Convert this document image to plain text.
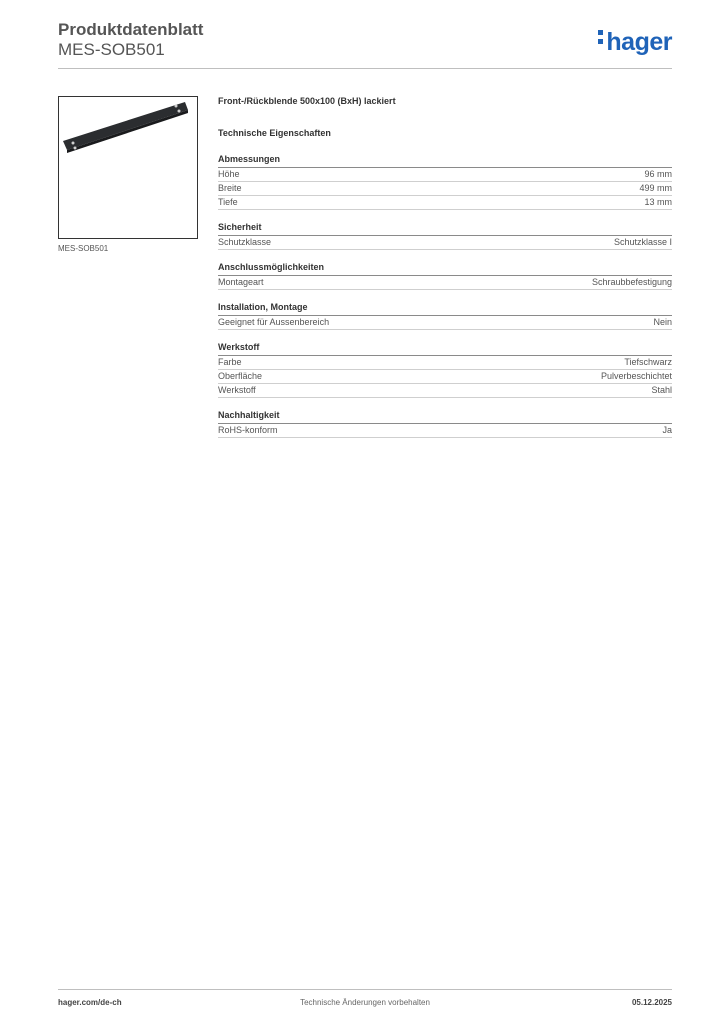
Produktdatenblatt
MES-SOB501	hager
MES-SOB501
Front-/Rückblende 500x100 (BxH) lackiert
Technische Eigenschaften
Abmessungen
Höhe	96 mm
Breite	499 mm
Tiefe	13 mm
Sicherheit
Schutzklasse	Schutzklasse I
Anschlussmöglichkeiten
Montageart	Schraubbefestigung
Installation, Montage
Geeignet für Aussenbereich	Nein
Werkstoff
Farbe	Tiefschwarz
Oberfläche	Pulverbeschichtet
Werkstoff	Stahl
Nachhaltigkeit
RoHS-konform	Ja
hager.com/de-ch	Technische Änderungen vorbehalten	05.12.2025
